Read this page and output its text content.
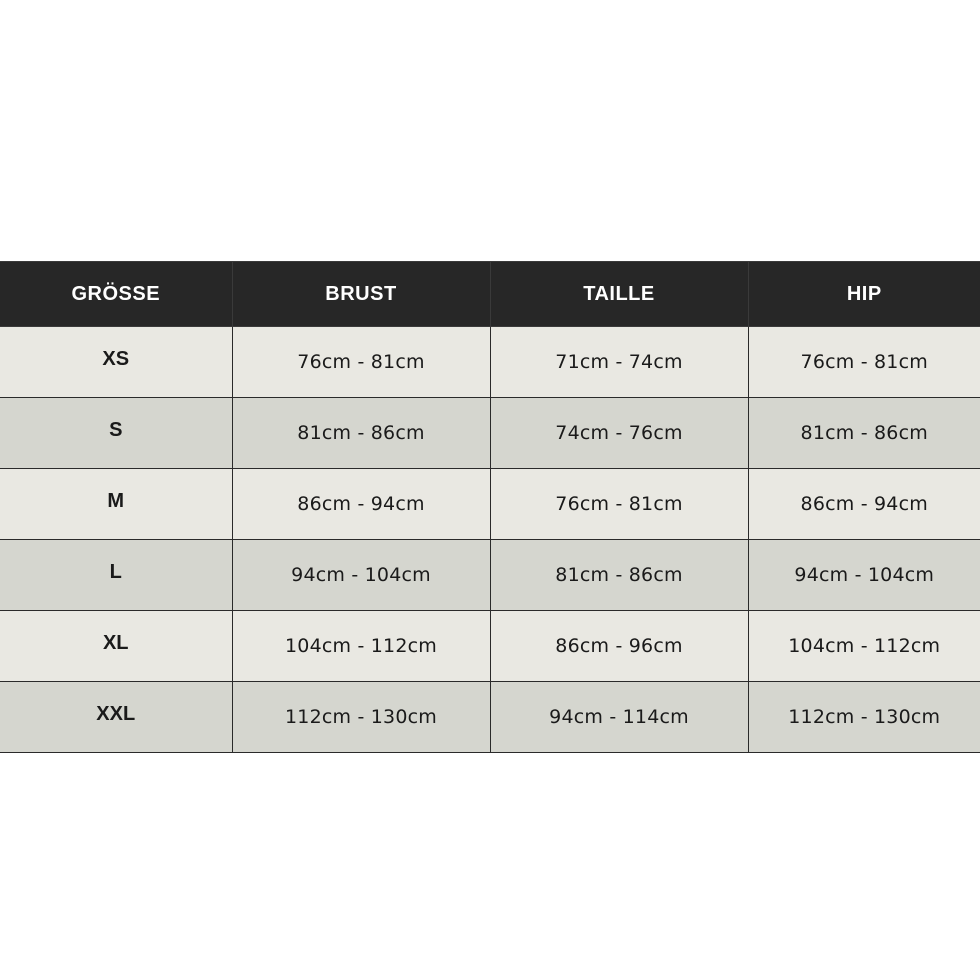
GRÖSSE	BRUST	TAILLE	HIP
XS	76cm - 81cm	71cm - 74cm	76cm - 81cm
S	81cm - 86cm	74cm - 76cm	81cm - 86cm
M	86cm - 94cm	76cm - 81cm	86cm - 94cm
L	94cm - 104cm	81cm - 86cm	94cm - 104cm
XL	104cm - 112cm	86cm - 96cm	104cm - 112cm
XXL	112cm - 130cm	94cm - 114cm	112cm - 130cm
